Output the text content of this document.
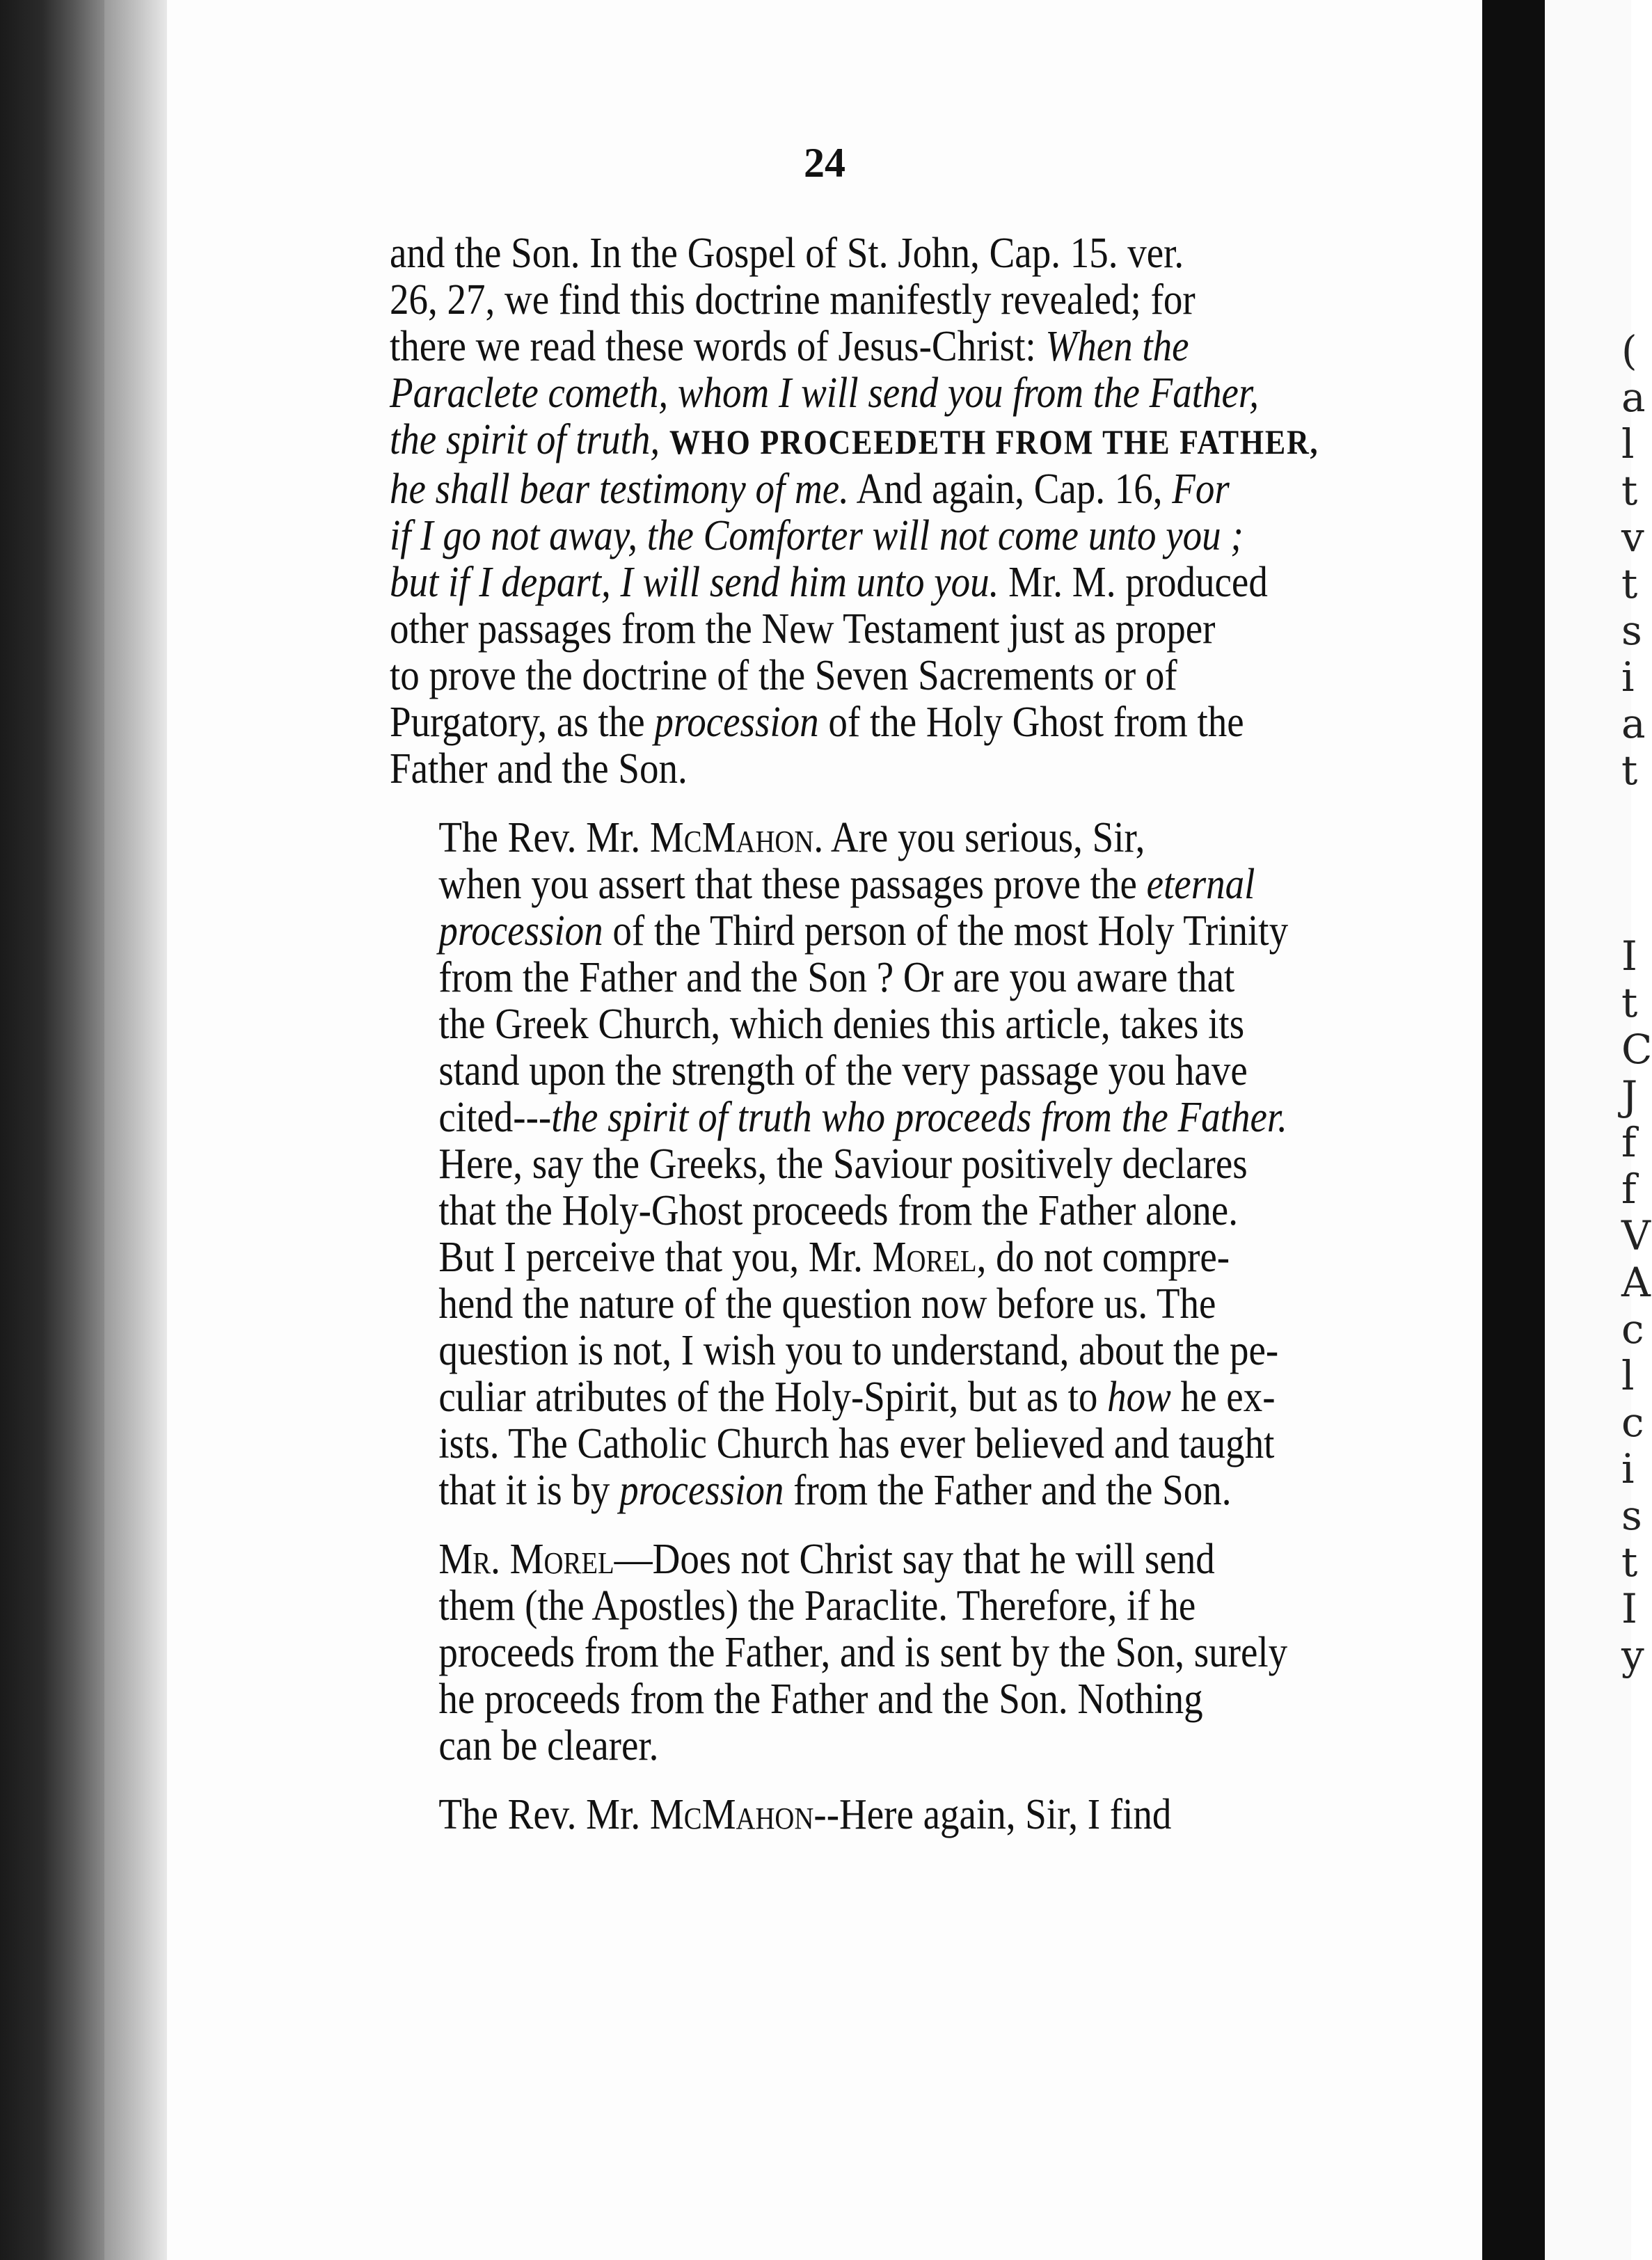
24

and the Son. In the Gospel of St. John, Cap. 15. ver.
26, 27, we find this doctrine manifestly revealed; for
there we read these words of Jesus-Christ: When the
Paraclete cometh, whom I will send you from the Father,
the spirit of truth, WHO PROCEEDETH FROM THE FATHER,
he shall bear testimony of me. And again, Cap. 16, For
if I go not away, the Comforter will not come unto you ;
but if I depart, I will send him unto you. Mr. M. produced
other passages from the New Testament just as proper
to prove the doctrine of the Seven Sacrements or of
Purgatory, as the procession of the Holy Ghost from the
Father and the Son.

The Rev. Mr. McMahon. Are you serious, Sir,
when you assert that these passages prove the eternal
procession of the Third person of the most Holy Trinity
from the Father and the Son ? Or are you aware that
the Greek Church, which denies this article, takes its
stand upon the strength of the very passage you have
cited---the spirit of truth who proceeds from the Father.
Here, say the Greeks, the Saviour positively declares
that the Holy-Ghost proceeds from the Father alone.
But I perceive that you, Mr. Morel, do not compre-
hend the nature of the question now before us. The
question is not, I wish you to understand, about the pe-
culiar atributes of the Holy-Spirit, but as to how he ex-
ists. The Catholic Church has ever believed and taught
that it is by procession from the Father and the Son.

Mr. Morel—Does not Christ say that he will send
them (the Apostles) the Paraclite. Therefore, if he
proceeds from the Father, and is sent by the Son, surely
he proceeds from the Father and the Son. Nothing
can be clearer.

The Rev. Mr. McMahon--Here again, Sir, I find

(
a
l
t
v
t
s
i
a
t
I
t
C
J
f
f
V
A
c
l
c
i
s
t
I
y
